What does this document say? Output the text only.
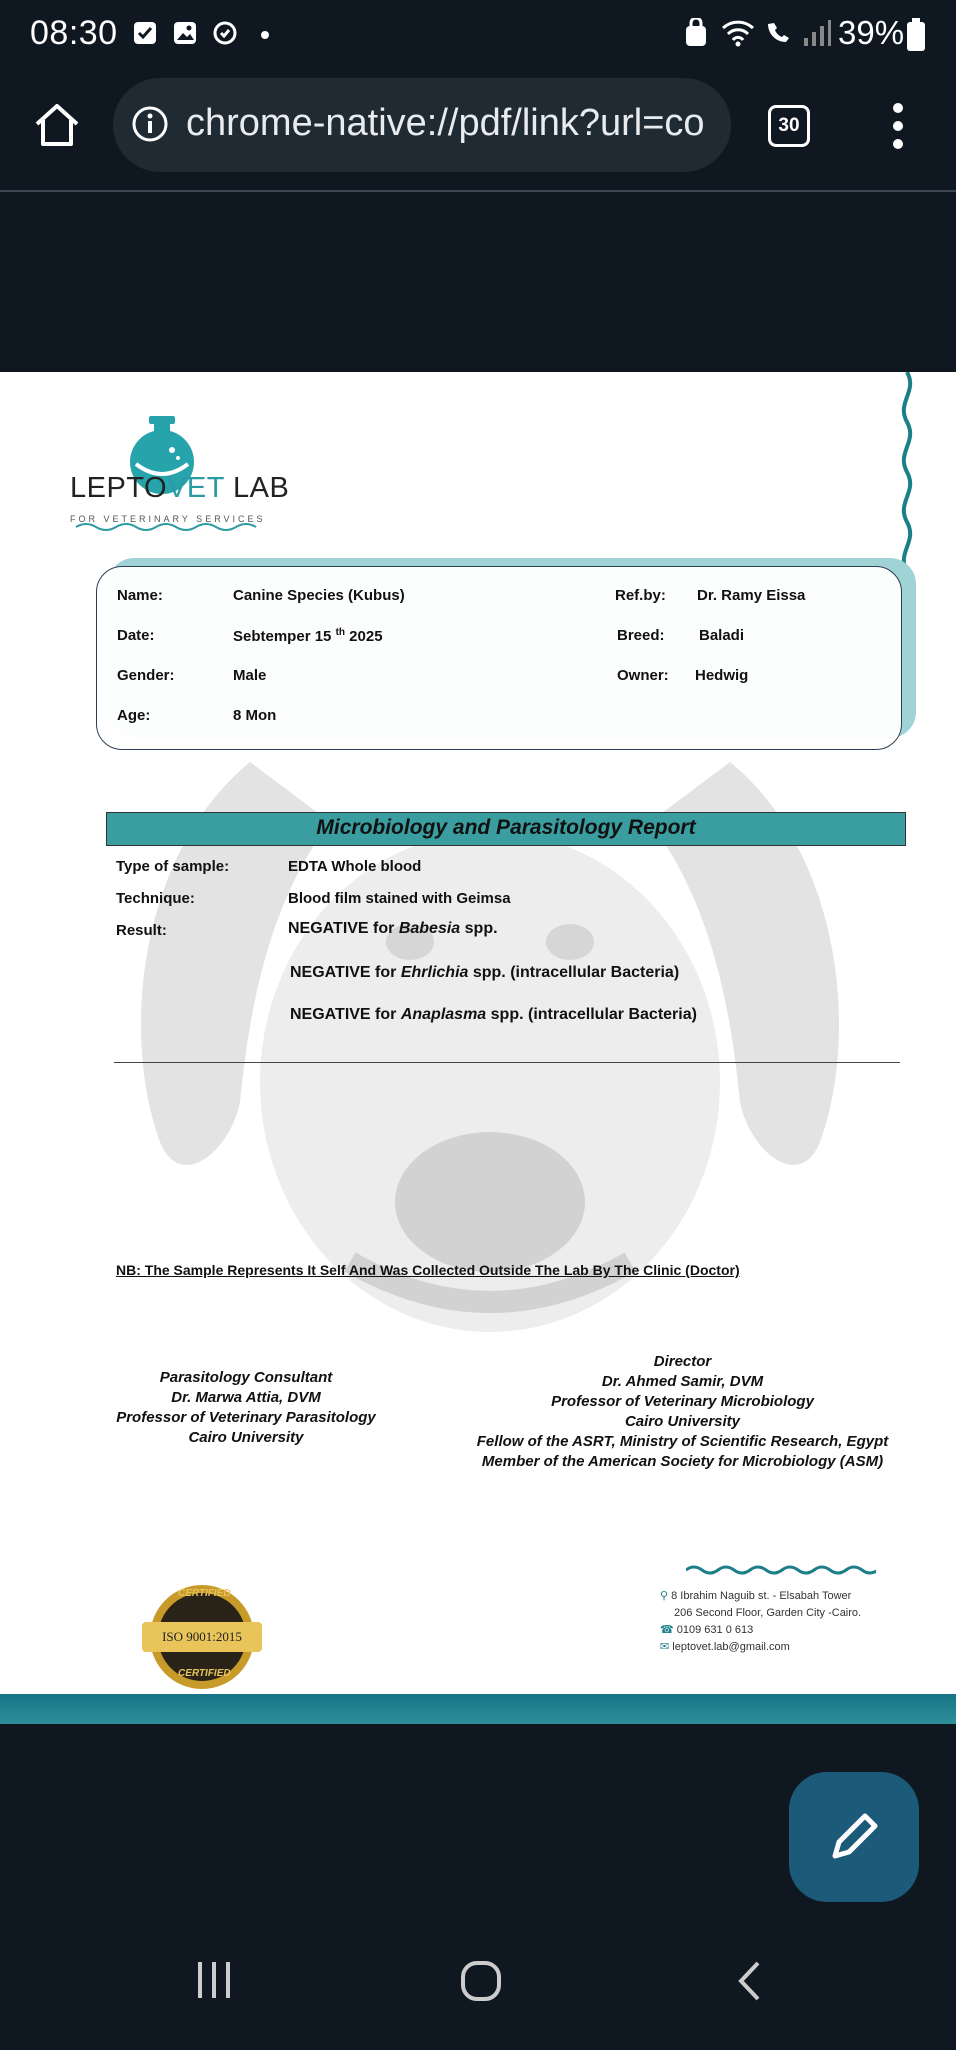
08:30	39%
chrome-native://pdf/link?url=co	30
LEPTOVET LAB
FOR VETERINARY SERVICES
Name:	Canine Species (Kubus)
Date:	Sebtemper 15 $^{th}$ 2025
Gender:	Male
Age:	8 Mon
Ref.by: Dr. Ramy Eissa
Breed: Baladi
Owner: Hedwig
Microbiology and Parasitology Report
Type of sample:	EDTA Whole blood
Technique:	Blood film stained with Geimsa
Result:	NEGATIVE for Babesia spp.
NEGATIVE for Ehrlichia spp. (intracellular Bacteria)
NEGATIVE for Anaplasma spp. (intracellular Bacteria)
NB: The Sample Represents It Self And Was Collected Outside The Lab By The Clinic (Doctor)
Parasitology Consultant
Dr. Marwa Attia, DVM
Professor of Veterinary Parasitology
Cairo University
Director
Dr. Ahmed Samir, DVM
Professor of Veterinary Microbiology
Cairo University
Fellow of the ASRT, Ministry of Scientific Research, Egypt
Member of the American Society for Microbiology (ASM)
CERTIFIED
ISO 9001:2015
CERTIFIED
⚲ 8 Ibrahim Naguib st. - Elsabah Tower
206 Second Floor, Garden City -Cairo.
☎ 0109 631 0 613
✉ leptovet.lab@gmail.com
